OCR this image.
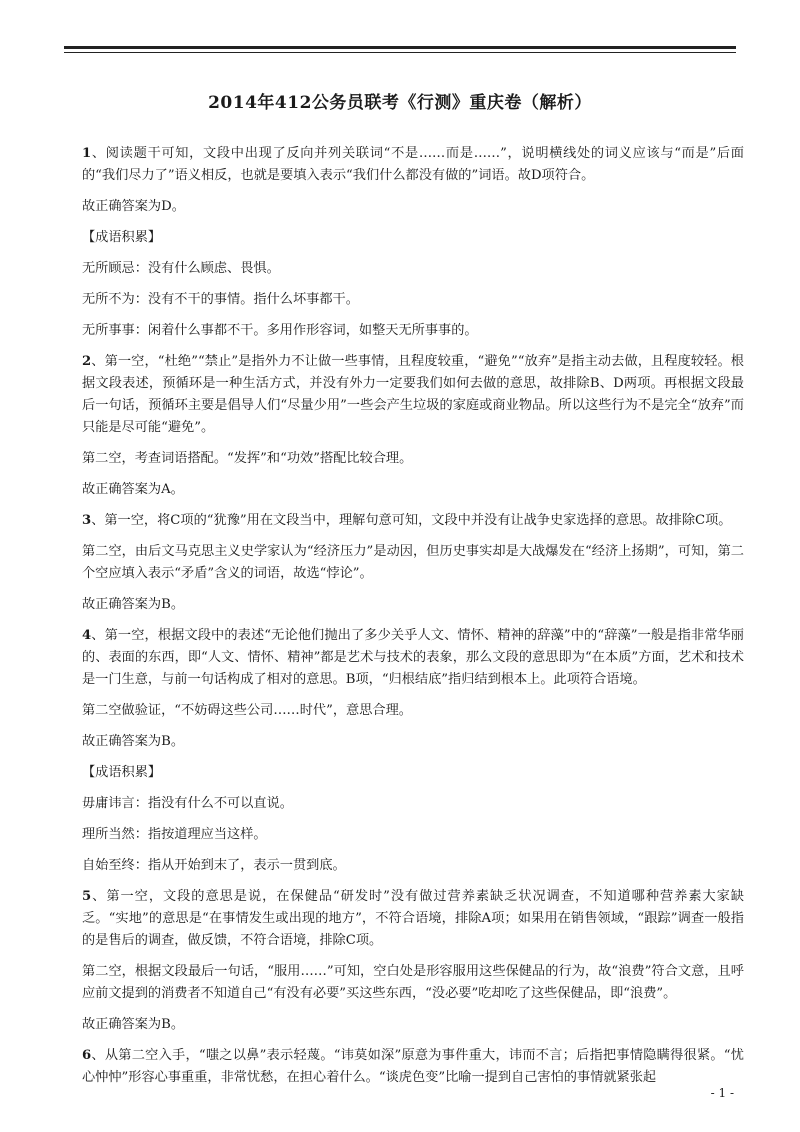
2014年412公务员联考《行测》重庆卷（解析）

1、阅读题干可知，文段中出现了反向并列关联词“不是……而是……”，说明横线处的词义应该与“而是”后面的“我们尽力了”语义相反，也就是要填入表示“我们什么都没有做的”词语。故D项符合。

故正确答案为D。

【成语积累】

无所顾忌：没有什么顾虑、畏惧。

无所不为：没有不干的事情。指什么坏事都干。

无所事事：闲着什么事都不干。多用作形容词，如整天无所事事的。

2、第一空，“杜绝”“禁止”是指外力不让做一些事情，且程度较重，“避免”“放弃”是指主动去做，且程度较轻。根据文段表述，预循环是一种生活方式，并没有外力一定要我们如何去做的意思，故排除B、D两项。再根据文段最后一句话，预循环主要是倡导人们“尽量少用”一些会产生垃圾的家庭或商业物品。所以这些行为不是完全“放弃”而只能是尽可能“避免”。

第二空，考查词语搭配。“发挥”和“功效”搭配比较合理。

故正确答案为A。

3、第一空，将C项的“犹豫”用在文段当中，理解句意可知，文段中并没有让战争史家选择的意思。故排除C项。

第二空，由后文马克思主义史学家认为“经济压力”是动因，但历史事实却是大战爆发在“经济上扬期”，可知，第二个空应填入表示“矛盾”含义的词语，故选“悖论”。

故正确答案为B。

4、第一空，根据文段中的表述“无论他们抛出了多少关乎人文、情怀、精神的辞藻”中的“辞藻”一般是指非常华丽的、表面的东西，即“人文、情怀、精神”都是艺术与技术的表象，那么文段的意思即为“在本质”方面，艺术和技术是一门生意，与前一句话构成了相对的意思。B项，“归根结底”指归结到根本上。此项符合语境。

第二空做验证，“不妨碍这些公司……时代”，意思合理。

故正确答案为B。

【成语积累】

毋庸讳言：指没有什么不可以直说。

理所当然：指按道理应当这样。

自始至终：指从开始到末了，表示一贯到底。

5、第一空，文段的意思是说，在保健品“研发时”没有做过营养素缺乏状况调查，不知道哪种营养素大家缺乏。“实地”的意思是“在事情发生或出现的地方”，不符合语境，排除A项；如果用在销售领域，“跟踪”调查一般指的是售后的调查，做反馈，不符合语境，排除C项。

第二空，根据文段最后一句话，“服用……”可知，空白处是形容服用这些保健品的行为，故“浪费”符合文意，且呼应前文提到的消费者不知道自己“有没有必要”买这些东西，“没必要”吃却吃了这些保健品，即“浪费”。

故正确答案为B。

6、从第二空入手，“嗤之以鼻”表示轻蔑。“讳莫如深”原意为事件重大，讳而不言；后指把事情隐瞒得很紧。“忧心忡忡”形容心事重重，非常忧愁，在担心着什么。“谈虎色变”比喻一提到自己害怕的事情就紧张起

- 1 -
